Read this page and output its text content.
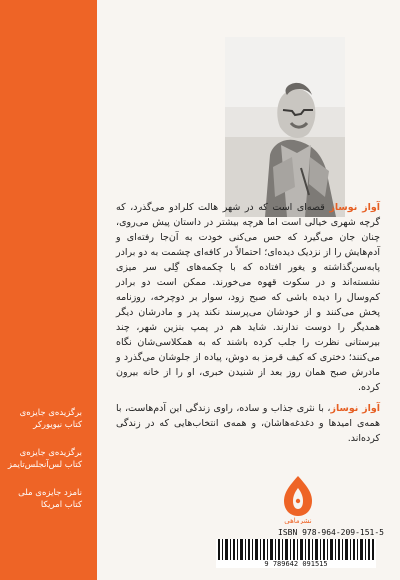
آواز نوساز قصه‌ای است که در شهر هالت کلرادو می‌گذرد، که گرچه شهری خیالی است اما هرچه بیشتر در داستان پیش می‌روی، چنان جان می‌گیرد که حس می‌کنی خودت به آن‌جا رفته‌ای و آدم‌هایش را از نزدیک دیده‌ای؛ احتمالاً در کافه‌ای چشمت به دو برادر پابه‌سن‌گذاشته و یغور افتاده که با چکمه‌های گِلی سر میزی نشسته‌اند و در سکوت قهوه می‌خورند. ممکن است دو برادر کم‌وسال را دیده باشی که صبح زود، سوار بر دوچرخه، روزنامه پخش می‌کنند و از خودشان می‌پرسند نکند پدر و مادرشان دیگر همدیگر را دوست ندارند. شاید هم در پمپ بنزین شهر، چند بیرستانی نظرت را جلب کرده باشند که به همکلاسی‌شان نگاه می‌کنند؛ دختری که کیف قرمز به دوش، پیاده از جلوشان می‌گذرد و مادرش صبح همان روز بعد از شنیدن خبری، او را از خانه بیرون کرده.

آواز نوساز، با نثری جذاب و ساده، راوی زندگی این آدم‌هاست، با همه‌ی امیدها و دغدغه‌هاشان، و همه‌ی انتخاب‌هایی که در زندگی کرده‌اند.

برگزیده‌ی جایزه‌ی
کتاب نیویورکر
برگزیده‌ی جایزه‌ی
کتاب لس‌آنجلس‌تایمز
نامزد جایزه‌ی ملی
کتاب امریکا
نشرماهی
ISBN 978-964-209-151-5
9 789642 091515
